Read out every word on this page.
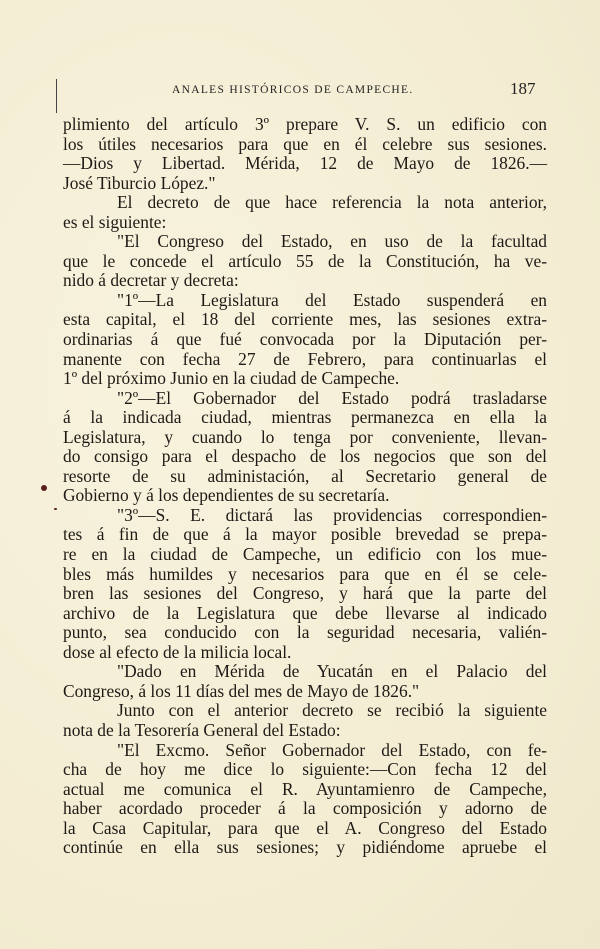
ANALES HISTÓRICOS DE CAMPECHE.	187
plimiento del artículo 3º prepare V. S. un edificio con
los útiles necesarios para que en él celebre sus sesiones.
—Dios y Libertad. Mérida, 12 de Mayo de 1826.—
José Tiburcio López."
El decreto de que hace referencia la nota anterior,
es el siguiente:
"El Congreso del Estado, en uso de la facultad
que le concede el artículo 55 de la Constitución, ha ve-
nido á decretar y decreta:
"1º—La Legislatura del Estado suspenderá en
esta capital, el 18 del corriente mes, las sesiones extra-
ordinarias á que fué convocada por la Diputación per-
manente con fecha 27 de Febrero, para continuarlas el
1º del próximo Junio en la ciudad de Campeche.
"2º—El Gobernador del Estado podrá trasladarse
á la indicada ciudad, mientras permanezca en ella la
Legislatura, y cuando lo tenga por conveniente, llevan-
do consigo para el despacho de los negocios que son del
resorte de su administación, al Secretario general de
Gobierno y á los dependientes de su secretaría.
"3º—S. E. dictará las providencias correspondien-
tes á fin de que á la mayor posible brevedad se prepa-
re en la ciudad de Campeche, un edificio con los mue-
bles más humildes y necesarios para que en él se cele-
bren las sesiones del Congreso, y hará que la parte del
archivo de la Legislatura que debe llevarse al indicado
punto, sea conducido con la seguridad necesaria, valién-
dose al efecto de la milicia local.
"Dado en Mérida de Yucatán en el Palacio del
Congreso, á los 11 días del mes de Mayo de 1826."
Junto con el anterior decreto se recibió la siguiente
nota de la Tesorería General del Estado:
"El Excmo. Señor Gobernador del Estado, con fe-
cha de hoy me dice lo siguiente:—Con fecha 12 del
actual me comunica el R. Ayuntamienro de Campeche,
haber acordado proceder á la composición y adorno de
la Casa Capitular, para que el A. Congreso del Estado
continúe en ella sus sesiones; y pidiéndome apruebe el
